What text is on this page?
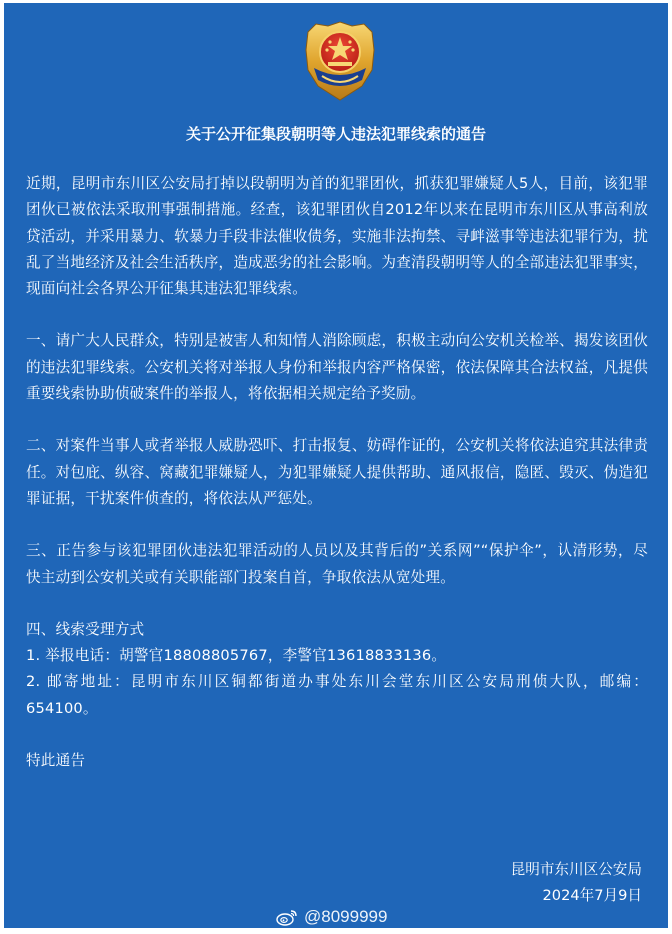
关于公开征集段朝明等人违法犯罪线索的通告

近期，昆明市东川区公安局打掉以段朝明为首的犯罪团伙，抓获犯罪嫌疑人5人，目前，该犯罪团伙已被依法采取刑事强制措施。经查，该犯罪团伙自2012年以来在昆明市东川区从事高利放贷活动，并采用暴力、软暴力手段非法催收债务，实施非法拘禁、寻衅滋事等违法犯罪行为，扰乱了当地经济及社会生活秩序，造成恶劣的社会影响。为查清段朝明等人的全部违法犯罪事实，现面向社会各界公开征集其违法犯罪线索。

一、请广大人民群众，特别是被害人和知情人消除顾虑，积极主动向公安机关检举、揭发该团伙的违法犯罪线索。公安机关将对举报人身份和举报内容严格保密，依法保障其合法权益，凡提供重要线索协助侦破案件的举报人，将依据相关规定给予奖励。

二、对案件当事人或者举报人威胁恐吓、打击报复、妨碍作证的，公安机关将依法追究其法律责任。对包庇、纵容、窝藏犯罪嫌疑人，为犯罪嫌疑人提供帮助、通风报信，隐匿、毁灭、伪造犯罪证据，干扰案件侦查的，将依法从严惩处。

三、正告参与该犯罪团伙违法犯罪活动的人员以及其背后的”关系网”“保护伞”，认清形势，尽快主动到公安机关或有关职能部门投案自首，争取依法从宽处理。

四、线索受理方式

1. 举报电话：胡警官18808805767，李警官13618833136。

2. 邮寄地址：昆明市东川区铜都街道办事处东川会堂东川区公安局刑侦大队，邮编：654100。

特此通告

昆明市东川区公安局
2024年7月9日
@8099999
